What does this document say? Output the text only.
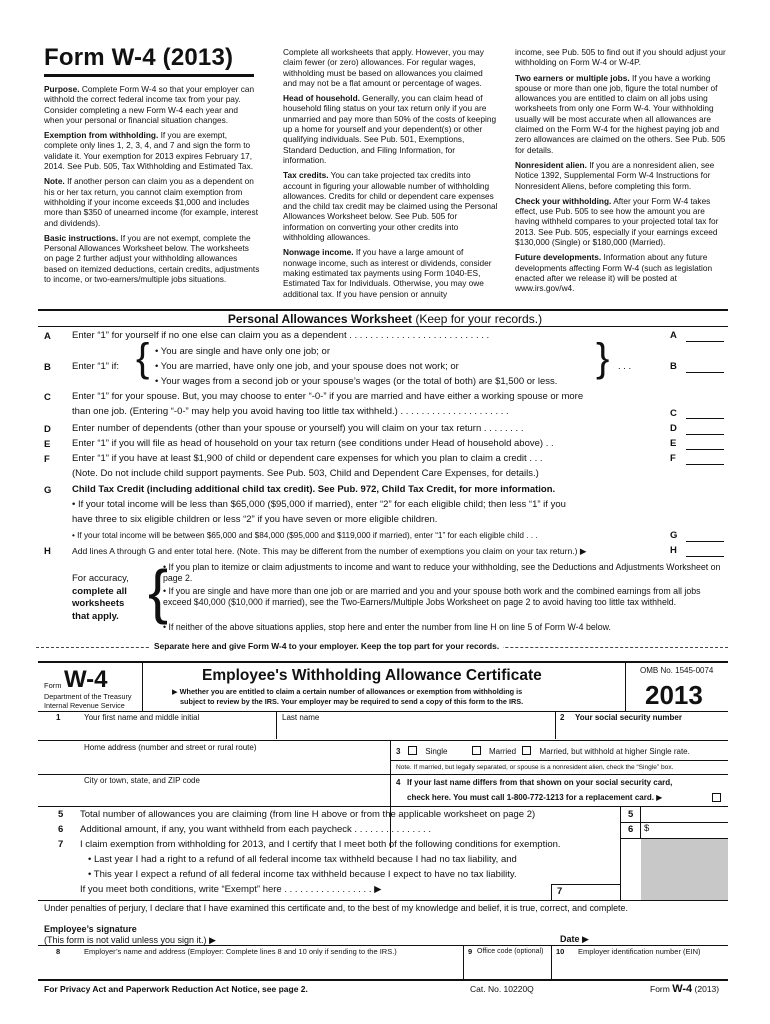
Form W-4 (2013)

Purpose. Complete Form W-4 so that your employer can withhold the correct federal income tax from your pay. Consider completing a new Form W-4 each year and when your personal or financial situation changes.

Exemption from withholding. If you are exempt, complete only lines 1, 2, 3, 4, and 7 and sign the form to validate it. Your exemption for 2013 expires February 17, 2014. See Pub. 505, Tax Withholding and Estimated Tax.

Note. If another person can claim you as a dependent on his or her tax return, you cannot claim exemption from withholding if your income exceeds $1,000 and includes more than $350 of unearned income (for example, interest and dividends).

Basic instructions. If you are not exempt, complete the Personal Allowances Worksheet below. The worksheets on page 2 further adjust your withholding allowances based on itemized deductions, certain credits, adjustments to income, or two-earners/multiple jobs situations.

Complete all worksheets that apply. However, you may claim fewer (or zero) allowances. For regular wages, withholding must be based on allowances you claimed and may not be a flat amount or percentage of wages.

Head of household. Generally, you can claim head of household filing status on your tax return only if you are unmarried and pay more than 50% of the costs of keeping up a home for yourself and your dependent(s) or other qualifying individuals. See Pub. 501, Exemptions, Standard Deduction, and Filing Information, for information.

Tax credits. You can take projected tax credits into account in figuring your allowable number of withholding allowances. Credits for child or dependent care expenses and the child tax credit may be claimed using the Personal Allowances Worksheet below. See Pub. 505 for information on converting your other credits into withholding allowances.

Nonwage income. If you have a large amount of nonwage income, such as interest or dividends, consider making estimated tax payments using Form 1040-ES, Estimated Tax for Individuals. Otherwise, you may owe additional tax. If you have pension or annuity

income, see Pub. 505 to find out if you should adjust your withholding on Form W-4 or W-4P.

Two earners or multiple jobs. If you have a working spouse or more than one job, figure the total number of allowances you are entitled to claim on all jobs using worksheets from only one Form W-4. Your withholding usually will be most accurate when all allowances are claimed on the Form W-4 for the highest paying job and zero allowances are claimed on the others. See Pub. 505 for details.

Nonresident alien. If you are a nonresident alien, see Notice 1392, Supplemental Form W-4 Instructions for Nonresident Aliens, before completing this form.

Check your withholding. After your Form W-4 takes effect, use Pub. 505 to see how the amount you are having withheld compares to your projected total tax for 2013. See Pub. 505, especially if your earnings exceed $130,000 (Single) or $180,000 (Married).

Future developments. Information about any future developments affecting Form W-4 (such as legislation enacted after we release it) will be posted at www.irs.gov/w4.

Personal Allowances Worksheet (Keep for your records.)
A
B
C
D
E
F
G
H
Enter “1” for yourself if no one else can claim you as a dependent . . . . . . . . . . . . . . . . . . . . . . . . . . .	A
Enter “1” if: { • You are single and have only one job; or
• You are married, have only one job, and your spouse does not work; or
• Your wages from a second job or your spouse’s wages (or the total of both) are $1,500 or less.
} . . .	B
Enter “1” for your spouse. But, you may choose to enter “-0-” if you are married and have either a working spouse or more
than one job. (Entering “-0-” may help you avoid having too little tax withheld.) . . . . . . . . . . . . . . . . . . . . .	C
Enter number of dependents (other than your spouse or yourself) you will claim on your tax return . . . . . . . .	D
Enter “1” if you will file as head of household on your tax return (see conditions under Head of household above) . .	E
Enter “1” if you have at least $1,900 of child or dependent care expenses for which you plan to claim a credit . . .	F
(Note. Do not include child support payments. See Pub. 503, Child and Dependent Care Expenses, for details.)
Child Tax Credit (including additional child tax credit). See Pub. 972, Child Tax Credit, for more information.
• If your total income will be less than $65,000 ($95,000 if married), enter “2” for each eligible child; then less “1” if you
have three to six eligible children or less “2” if you have seven or more eligible children.
• If your total income will be between $65,000 and $84,000 ($95,000 and $119,000 if married), enter “1” for each eligible child . . .	G
Add lines A through G and enter total here. (Note. This may be different from the number of exemptions you claim on your tax return.) ▶	H
For accuracy,
complete all
worksheets
that apply. {
• If you plan to itemize or claim adjustments to income and want to reduce your withholding, see the Deductions and Adjustments Worksheet on page 2.
• If you are single and have more than one job or are married and you and your spouse both work and the combined earnings from all jobs exceed $40,000 ($10,000 if married), see the Two-Earners/Multiple Jobs Worksheet on page 2 to avoid having too little tax withheld.
• If neither of the above situations applies, stop here and enter the number from line H on line 5 of Form W-4 below.
Separate here and give Form W-4 to your employer. Keep the top part for your records.
Form W-4
Department of the Treasury
Internal Revenue Service
Employee's Withholding Allowance Certificate
▶ Whether you are entitled to claim a certain number of allowances or exemption from withholding is
subject to review by the IRS. Your employer may be required to send a copy of this form to the IRS.
OMB No. 1545-0074
2013
1	Your first name and middle initial	Last name	2 Your social security number
Home address (number and street or rural route)	3	Single	Married	Married, but withhold at higher Single rate.
Note. If married, but legally separated, or spouse is a nonresident alien, check the “Single” box.
City or town, state, and ZIP code	4 If your last name differs from that shown on your social security card,
check here. You must call 1-800-772-1213 for a replacement card. ▶
5 Total number of allowances you are claiming (from line H above or from the applicable worksheet on page 2)
6 Additional amount, if any, you want withheld from each paycheck . . . . . . . . . . . . . . .
7 I claim exemption from withholding for 2013, and I certify that I meet both of the following conditions for exemption.
• Last year I had a right to a refund of all federal income tax withheld because I had no tax liability, and
• This year I expect a refund of all federal income tax withheld because I expect to have no tax liability.
If you meet both conditions, write “Exempt” here . . . . . . . . . . . . . . . . . ▶
5
6 $
7
Under penalties of perjury, I declare that I have examined this certificate and, to the best of my knowledge and belief, it is true, correct, and complete.
Employee’s signature
(This form is not valid unless you sign it.) ▶	Date ▶
8	Employer’s name and address (Employer: Complete lines 8 and 10 only if sending to the IRS.)	9 Office code (optional) 10 Employer identification number (EIN)
For Privacy Act and Paperwork Reduction Act Notice, see page 2.	Cat. No. 10220Q	Form W-4 (2013)
